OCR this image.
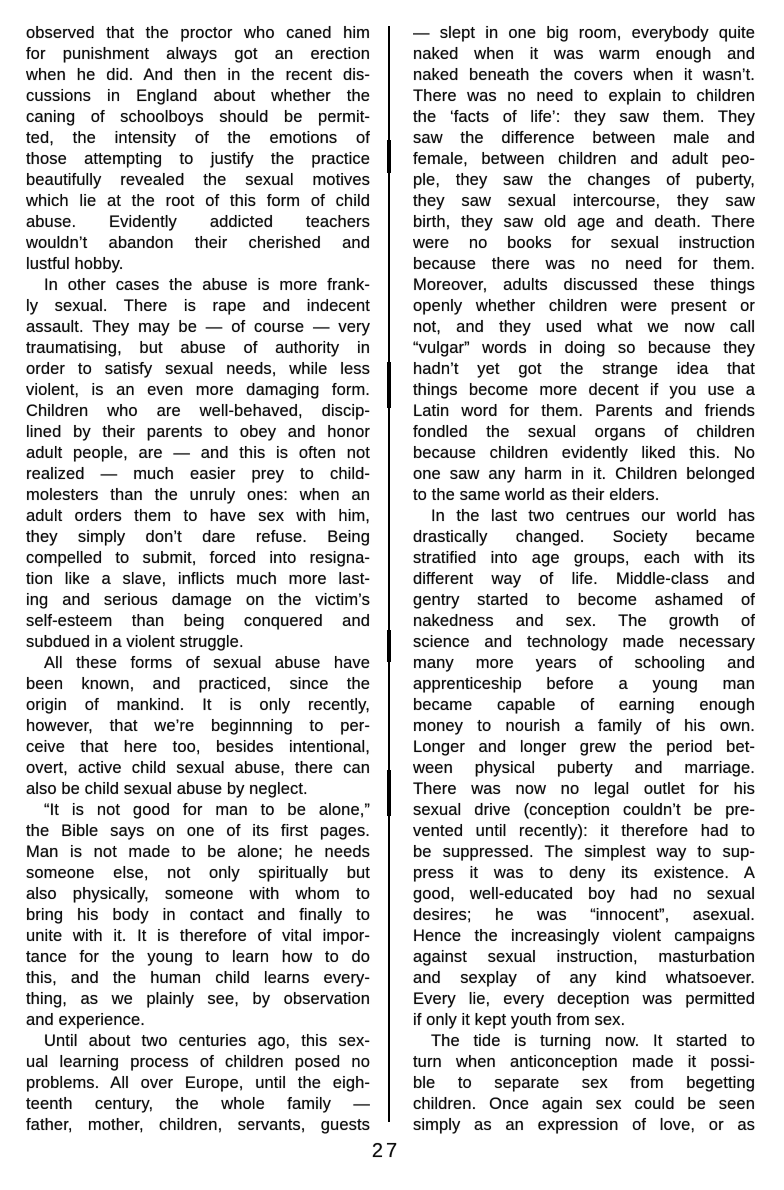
observed that the proctor who caned him
for punishment always got an erection
when he did. And then in the recent dis-
cussions in England about whether the
caning of schoolboys should be permit-
ted, the intensity of the emotions of
those attempting to justify the practice
beautifully revealed the sexual motives
which lie at the root of this form of child
abuse. Evidently addicted teachers
wouldn’t abandon their cherished and
lustful hobby.
In other cases the abuse is more frank-
ly sexual. There is rape and indecent
assault. They may be — of course — very
traumatising, but abuse of authority in
order to satisfy sexual needs, while less
violent, is an even more damaging form.
Children who are well-behaved, discip-
lined by their parents to obey and honor
adult people, are — and this is often not
realized — much easier prey to child-
molesters than the unruly ones: when an
adult orders them to have sex with him,
they simply don’t dare refuse. Being
compelled to submit, forced into resigna-
tion like a slave, inflicts much more last-
ing and serious damage on the victim’s
self-esteem than being conquered and
subdued in a violent struggle.
All these forms of sexual abuse have
been known, and practiced, since the
origin of mankind. It is only recently,
however, that we’re beginnning to per-
ceive that here too, besides intentional,
overt, active child sexual abuse, there can
also be child sexual abuse by neglect.
“It is not good for man to be alone,”
the Bible says on one of its first pages.
Man is not made to be alone; he needs
someone else, not only spiritually but
also physically, someone with whom to
bring his body in contact and finally to
unite with it. It is therefore of vital impor-
tance for the young to learn how to do
this, and the human child learns every-
thing, as we plainly see, by observation
and experience.
Until about two centuries ago, this sex-
ual learning process of children posed no
problems. All over Europe, until the eigh-
teenth century, the whole family —
father, mother, children, servants, guests
— slept in one big room, everybody quite
naked when it was warm enough and
naked beneath the covers when it wasn’t.
There was no need to explain to children
the ‘facts of life’: they saw them. They
saw the difference between male and
female, between children and adult peo-
ple, they saw the changes of puberty,
they saw sexual intercourse, they saw
birth, they saw old age and death. There
were no books for sexual instruction
because there was no need for them.
Moreover, adults discussed these things
openly whether children were present or
not, and they used what we now call
“vulgar” words in doing so because they
hadn’t yet got the strange idea that
things become more decent if you use a
Latin word for them. Parents and friends
fondled the sexual organs of children
because children evidently liked this. No
one saw any harm in it. Children belonged
to the same world as their elders.
In the last two centrues our world has
drastically changed. Society became
stratified into age groups, each with its
different way of life. Middle-class and
gentry started to become ashamed of
nakedness and sex. The growth of
science and technology made necessary
many more years of schooling and
apprenticeship before a young man
became capable of earning enough
money to nourish a family of his own.
Longer and longer grew the period bet-
ween physical puberty and marriage.
There was now no legal outlet for his
sexual drive (conception couldn’t be pre-
vented until recently): it therefore had to
be suppressed. The simplest way to sup-
press it was to deny its existence. A
good, well-educated boy had no sexual
desires; he was “innocent”, asexual.
Hence the increasingly violent campaigns
against sexual instruction, masturbation
and sexplay of any kind whatsoever.
Every lie, every deception was permitted
if only it kept youth from sex.
The tide is turning now. It started to
turn when anticonception made it possi-
ble to separate sex from begetting
children. Once again sex could be seen
simply as an expression of love, or as
27
